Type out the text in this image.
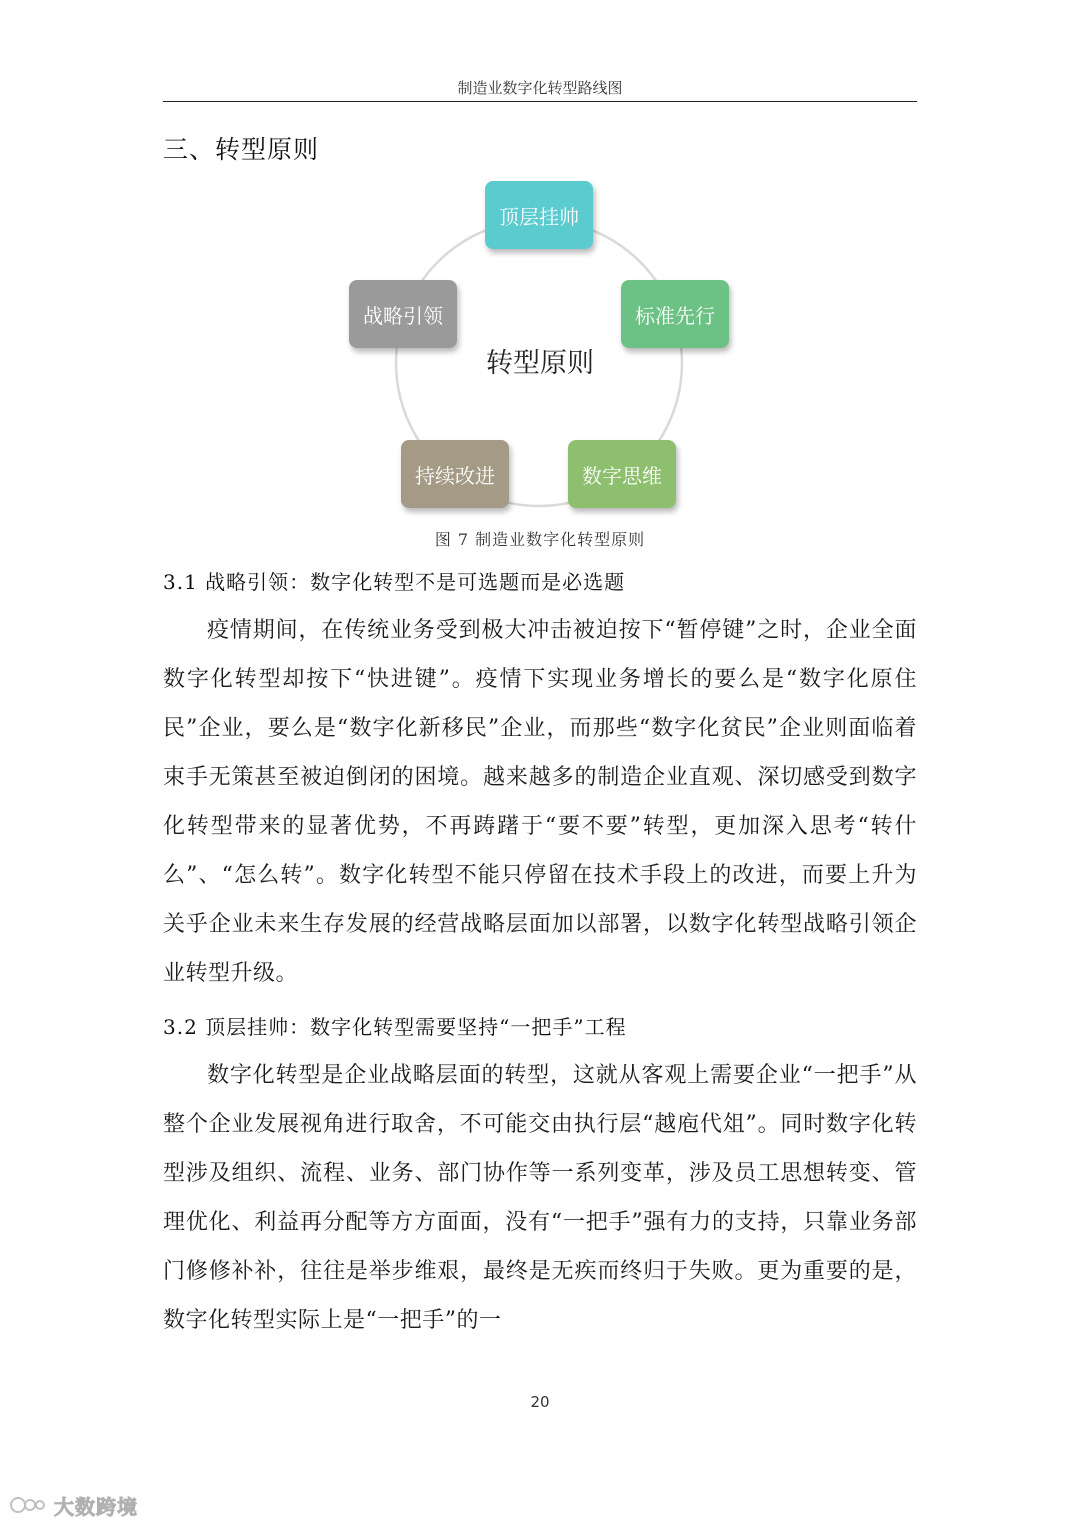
制造业数字化转型路线图
三、转型原则
顶层挂帅
标准先行
数字思维
持续改进
战略引领
转型原则
图 7 制造业数字化转型原则
3.1 战略引领：数字化转型不是可选题而是必选题

疫情期间，在传统业务受到极大冲击被迫按下“暂停键”之时，企业全面数字化转型却按下“快进键”。疫情下实现业务增长的要么是“数字化原住民”企业，要么是“数字化新移民”企业，而那些“数字化贫民”企业则面临着束手无策甚至被迫倒闭的困境。越来越多的制造企业直观、深切感受到数字化转型带来的显著优势，不再踌躇于“要不要”转型，更加深入思考“转什么”、“怎么转”。数字化转型不能只停留在技术手段上的改进，而要上升为关乎企业未来生存发展的经营战略层面加以部署，以数字化转型战略引领企业转型升级。

3.2 顶层挂帅：数字化转型需要坚持“一把手”工程

数字化转型是企业战略层面的转型，这就从客观上需要企业“一把手”从整个企业发展视角进行取舍，不可能交由执行层“越庖代俎”。同时数字化转型涉及组织、流程、业务、部门协作等一系列变革，涉及员工思想转变、管理优化、利益再分配等方方面面，没有“一把手”强有力的支持，只靠业务部门修修补补，往往是举步维艰，最终是无疾而终归于失败。更为重要的是，数字化转型实际上是“一把手”的一

20
大数跨境
